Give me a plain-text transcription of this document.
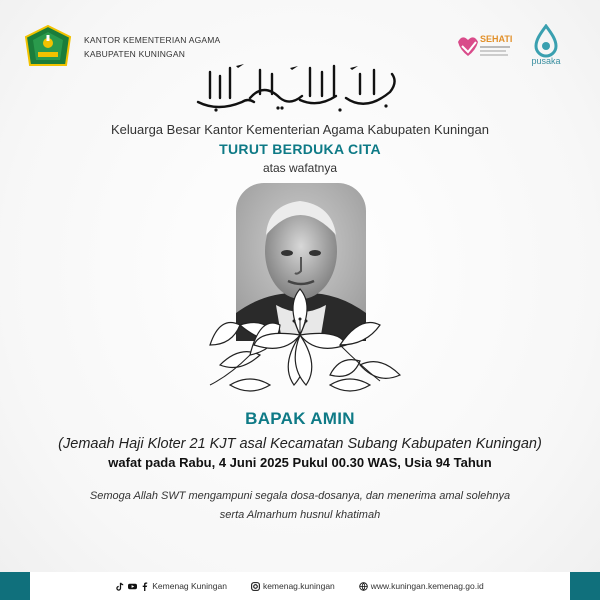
KANTOR KEMENTERIAN AGAMA
KABUPATEN KUNINGAN
SEHATI
pusaka
Keluarga Besar Kantor Kementerian Agama Kabupaten Kuningan
TURUT BERDUKA CITA
atas wafatnya
BAPAK AMIN
(Jemaah Haji Kloter 21 KJT asal Kecamatan Subang Kabupaten Kuningan)
wafat pada Rabu, 4 Juni 2025 Pukul 00.30 WAS, Usia 94 Tahun
Semoga Allah SWT mengampuni segala dosa-dosanya, dan menerima amal solehnya
serta Almarhum husnul khatimah
Kemenag Kuningan	kemenag.kuningan	www.kuningan.kemenag.go.id
